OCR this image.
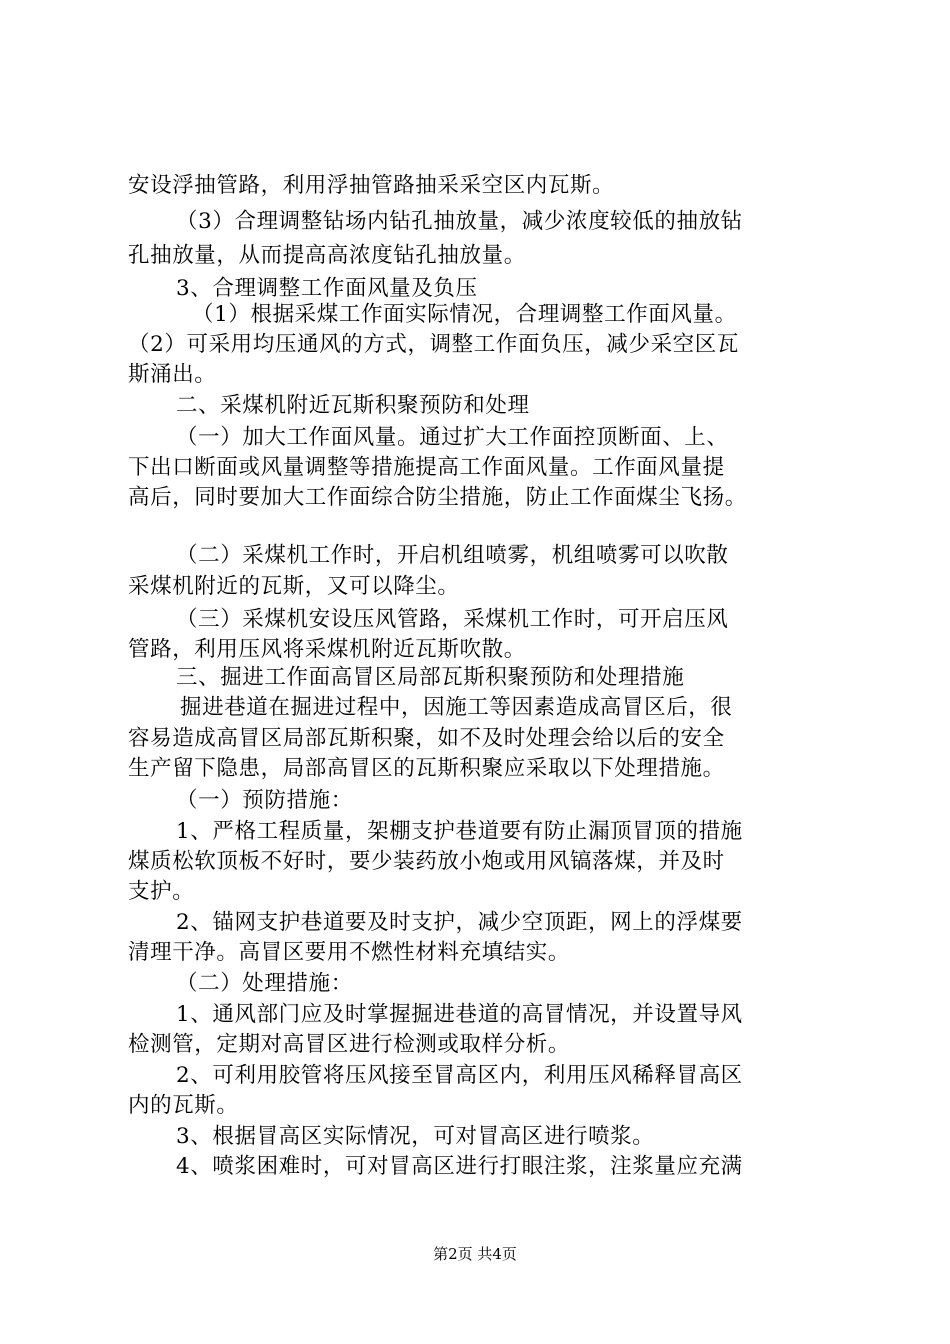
安设浮抽管路，利用浮抽管路抽采采空区内瓦斯。
（3）合理调整钻场内钻孔抽放量，减少浓度较低的抽放钻
孔抽放量，从而提高高浓度钻孔抽放量。
3、合理调整工作面风量及负压
（1）根据采煤工作面实际情况，合理调整工作面风量。
（2）可采用均压通风的方式，调整工作面负压，减少采空区瓦
斯涌出。
二、采煤机附近瓦斯积聚预防和处理
（一）加大工作面风量。通过扩大工作面控顶断面、上、
下出口断面或风量调整等措施提高工作面风量。工作面风量提
高后，同时要加大工作面综合防尘措施，防止工作面煤尘飞扬。
（二）采煤机工作时，开启机组喷雾，机组喷雾可以吹散
采煤机附近的瓦斯，又可以降尘。
（三）采煤机安设压风管路，采煤机工作时，可开启压风
管路，利用压风将采煤机附近瓦斯吹散。
三、掘进工作面高冒区局部瓦斯积聚预防和处理措施
掘进巷道在掘进过程中，因施工等因素造成高冒区后，很
容易造成高冒区局部瓦斯积聚，如不及时处理会给以后的安全
生产留下隐患，局部高冒区的瓦斯积聚应采取以下处理措施。
（一）预防措施：
1、严格工程质量，架棚支护巷道要有防止漏顶冒顶的措施
煤质松软顶板不好时，要少装药放小炮或用风镐落煤，并及时
支护。
2、锚网支护巷道要及时支护，减少空顶距，网上的浮煤要
清理干净。高冒区要用不燃性材料充填结实。
（二）处理措施：
1、通风部门应及时掌握掘进巷道的高冒情况，并设置导风
检测管，定期对高冒区进行检测或取样分析。
2、可利用胶管将压风接至冒高区内，利用压风稀释冒高区
内的瓦斯。
3、根据冒高区实际情况，可对冒高区进行喷浆。
4、喷浆困难时，可对冒高区进行打眼注浆，注浆量应充满
第2页 共4页
